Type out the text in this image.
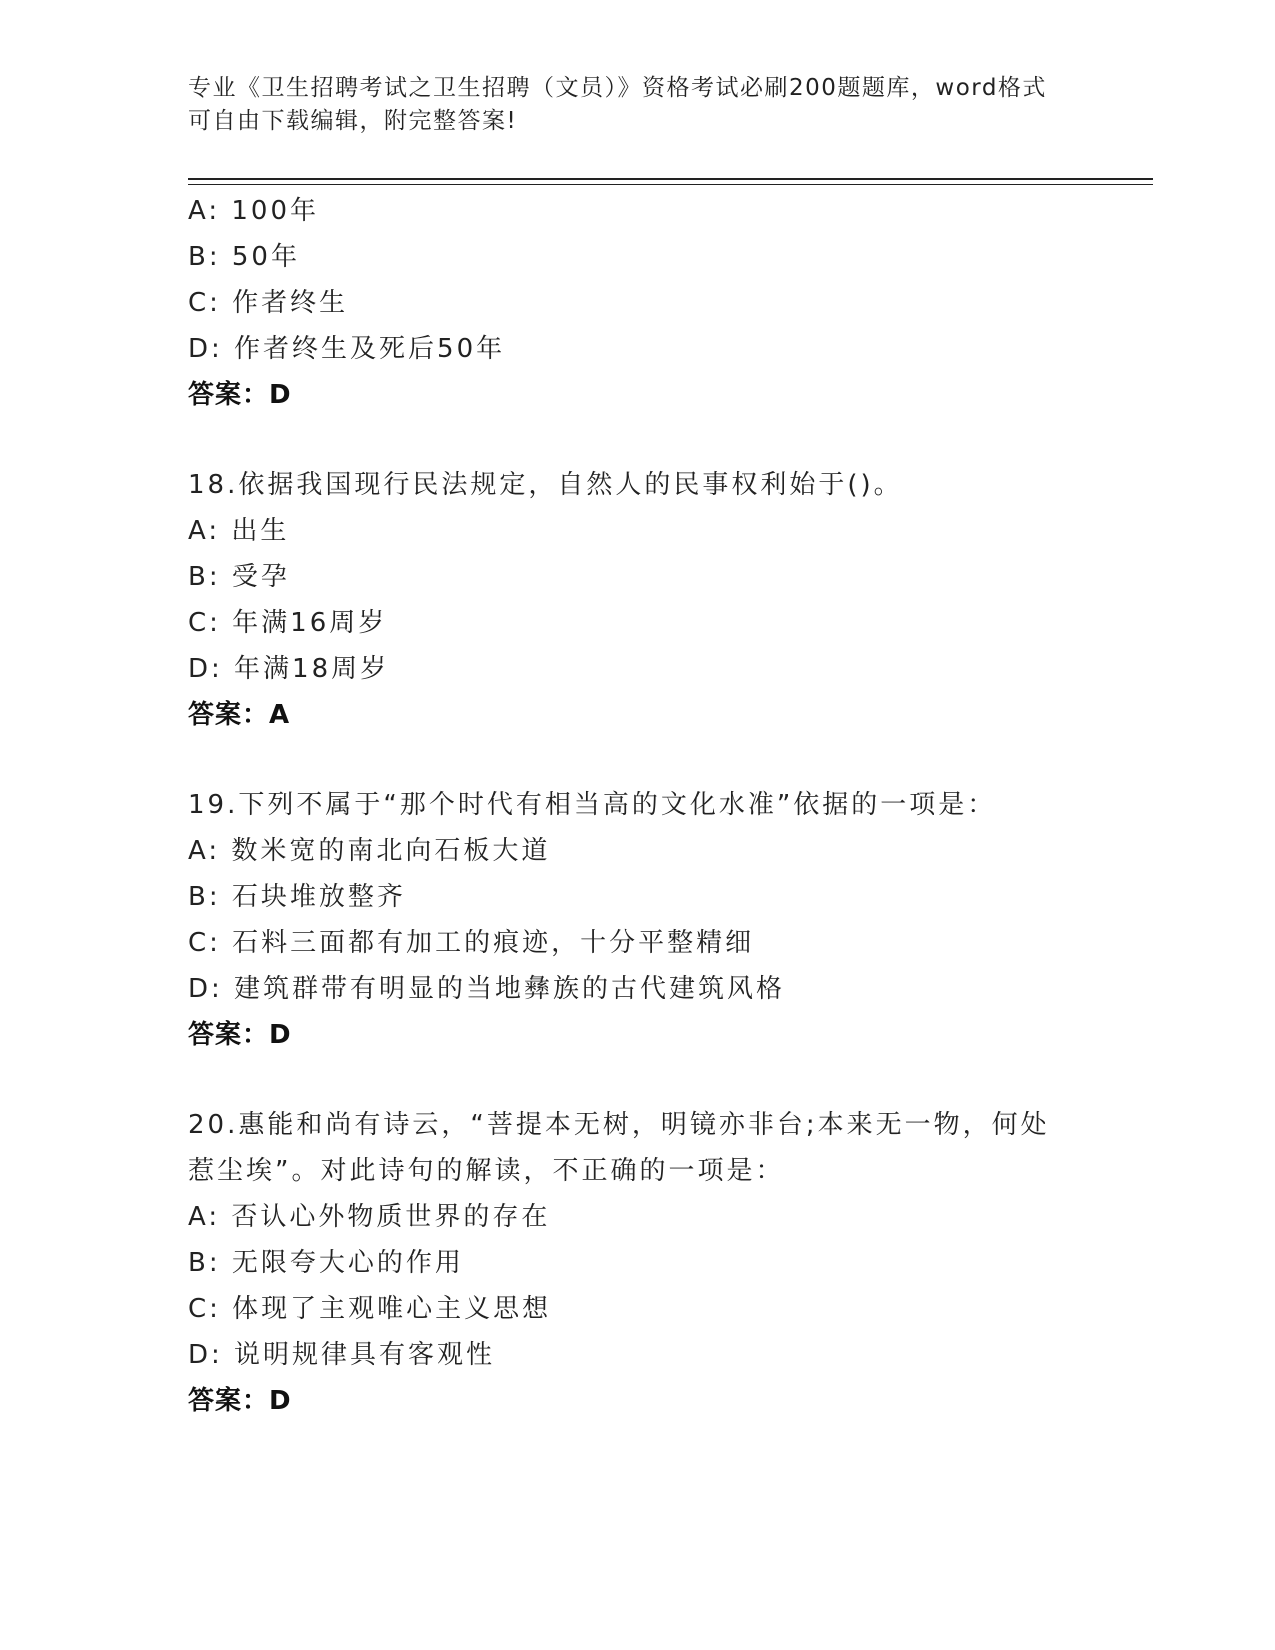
专业《卫生招聘考试之卫生招聘（文员）》资格考试必刷200题题库，word格式
可自由下载编辑，附完整答案!
A: 100年
B: 50年
C: 作者终生
D: 作者终生及死后50年
答案：D
18.依据我国现行民法规定，自然人的民事权利始于()。
A: 出生
B: 受孕
C: 年满16周岁
D: 年满18周岁
答案：A
19.下列不属于“那个时代有相当高的文化水准”依据的一项是：
A: 数米宽的南北向石板大道
B: 石块堆放整齐
C: 石料三面都有加工的痕迹，十分平整精细
D: 建筑群带有明显的当地彝族的古代建筑风格
答案：D
20.惠能和尚有诗云，“菩提本无树，明镜亦非台;本来无一物，何处
惹尘埃”。对此诗句的解读，不正确的一项是：
A: 否认心外物质世界的存在
B: 无限夸大心的作用
C: 体现了主观唯心主义思想
D: 说明规律具有客观性
答案：D
